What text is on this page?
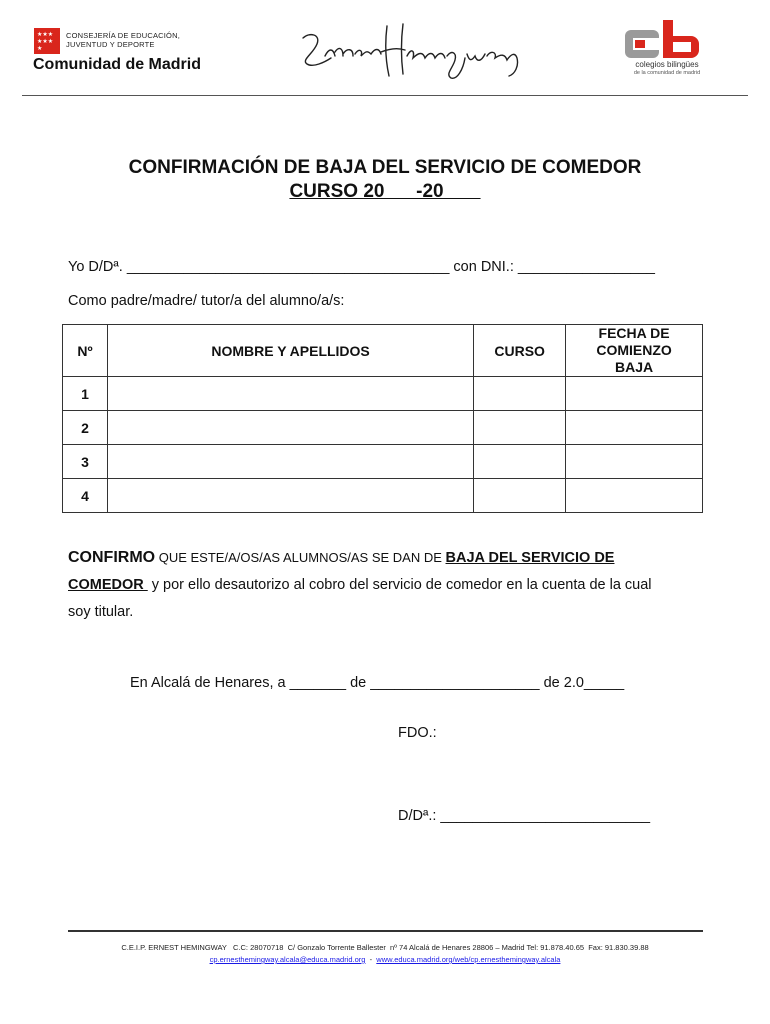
★★★
★★★
★
CONSEJERÍA DE EDUCACIÓN,
JUVENTUD Y DEPORTE
Comunidad de Madrid	colegios bilingües
de la comunidad de madrid
CONFIRMACIÓN DE BAJA DEL SERVICIO DE COMEDOR
CURSO 20      -20
Yo D/Dª. ________________________________________ con DNI.: _________________
Como padre/madre/ tutor/a del alumno/a/s:
Nº	NOMBRE Y APELLIDOS	CURSO	FECHA DE
COMIENZO
BAJA

1			
2			
3			
4			
CONFIRMO QUE ESTE/A/OS/AS ALUMNOS/AS SE DAN DE BAJA DEL SERVICIO DE
COMEDOR  y por ello desautorizo al cobro del servicio de comedor en la cuenta de la cual
soy titular.
En Alcalá de Henares, a _______ de _____________________ de 2.0_____
FDO.:
D/Dª.: __________________________
C.E.I.P. ERNEST HEMINGWAY   C.C: 28070718  C/ Gonzalo Torrente Ballester  nº 74 Alcalá de Henares 28806 – Madrid Tel: 91.878.40.65  Fax: 91.830.39.88
cp.ernesthemingway.alcala@educa.madrid.org  -  www.educa.madrid.org/web/cp.ernesthemingway.alcala
